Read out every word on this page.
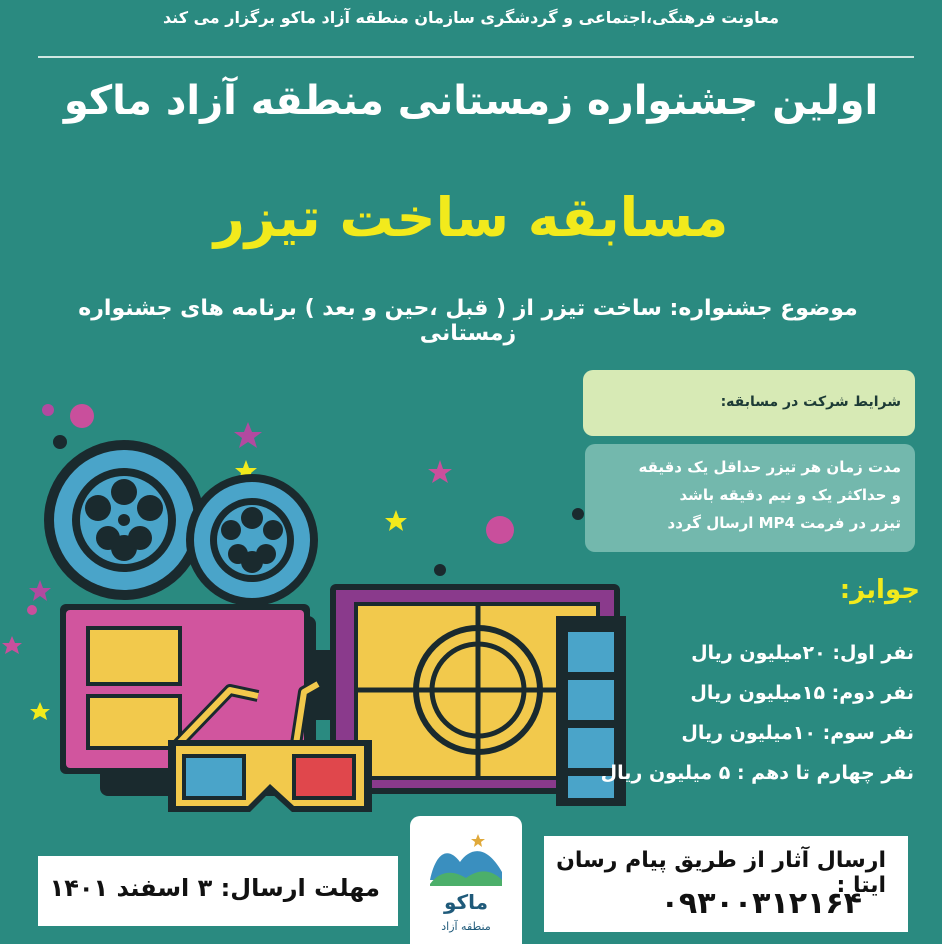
معاونت فرهنگی،اجتماعی و گردشگری سازمان منطقه آزاد ماکو برگزار می کند
اولین جشنواره زمستانی منطقه آزاد ماکو
مسابقه ساخت تیزر
موضوع جشنواره: ساخت تیزر از ( قبل ،حین و بعد ) برنامه های جشنواره زمستانی
شرایط شرکت در مسابقه:
مدت زمان هر تیزر حداقل یک دقیقه
و حداکثر یک و نیم دقیقه باشد
تیزر در فرمت MP4 ارسال گردد
جوایز:
نفر اول: ۲۰میلیون ریال
نفر دوم: ۱۵میلیون ریال
نفر سوم: ۱۰میلیون ریال
نفر چهارم تا دهم : ۵ میلیون ریال
مهلت ارسال: ۳ اسفند ۱۴۰۱	ماکو
منطقه آزاد
ارسال آثار از طریق پیام رسان ایتا :
۰۹۳۰۰۳۱۲۱۶۴
